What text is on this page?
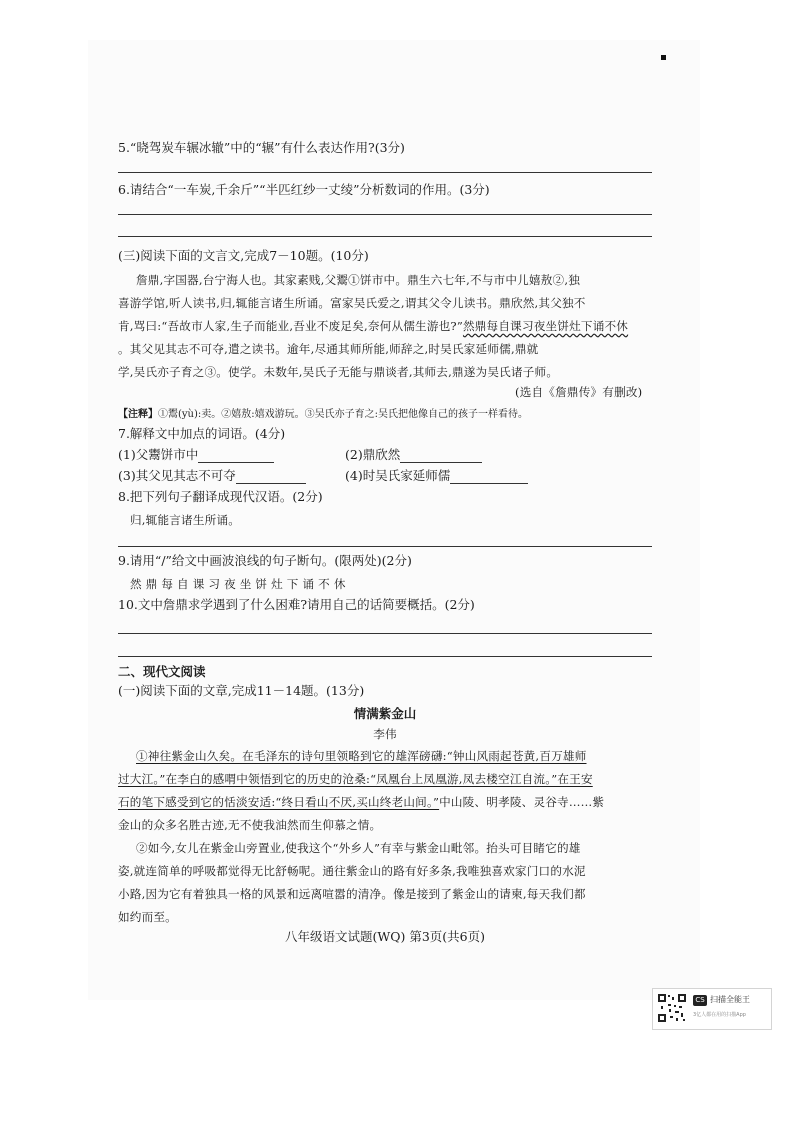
5.“晓驾炭车辗冰辙”中的“辗”有什么表达作用?(3分)
6.请结合“一车炭,千余斤”“半匹红纱一丈绫”分析数词的作用。(3分)
(三)阅读下面的文言文,完成7－10题。(10分)
詹鼎,字国器,台宁海人也。其家素贱,父鬻①饼市中。鼎生六七年,不与市中儿嬉敖②,独
喜游学馆,听人读书,归,辄能言诸生所诵。富家吴氏爱之,谓其父令儿读书。鼎欣然,其父独不
肯,骂曰:“吾故市人家,生子而能业,吾业不废足矣,奈何从儒生游也?”然鼎每自课习夜坐饼灶下诵不休
。其父见其志不可夺,遣之读书。逾年,尽通其师所能,师辞之,时吴氏家延师儒,鼎就
学,吴氏亦子育之③。使学。未数年,吴氏子无能与鼎谈者,其师去,鼎遂为吴氏诸子师。
(选自《詹鼎传》有删改)
【注释】①鬻(yù):卖。②嬉敖:嬉戏游玩。③吴氏亦子育之:吴氏把他像自己的孩子一样看待。
7.解释文中加点的词语。(4分)
(1)父鬻饼市中	(2)鼎欣然
(3)其父见其志不可夺	(4)时吴氏家延师儒
8.把下列句子翻译成现代汉语。(2分)
归,辄能言诸生所诵。
9.请用“/”给文中画波浪线的句子断句。(限两处)(2分)
然 鼎 每 自 课 习 夜 坐 饼 灶 下 诵 不 休
10.文中詹鼎求学遇到了什么困难?请用自己的话简要概括。(2分)
二、现代文阅读
(一)阅读下面的文章,完成11－14题。(13分)
情满紫金山
李伟
①神往紫金山久矣。在毛泽东的诗句里领略到它的雄浑磅礴:“钟山风雨起苍黄,百万雄师
过大江。”在李白的感喟中领悟到它的历史的沧桑:“凤凰台上凤凰游,凤去楼空江自流。”在王安
石的笔下感受到它的恬淡安适:“终日看山不厌,买山终老山间。”中山陵、明孝陵、灵谷寺……紫
金山的众多名胜古迹,无不使我油然而生仰慕之情。
②如今,女儿在紫金山旁置业,使我这个“外乡人”有幸与紫金山毗邻。抬头可目睹它的雄
姿,就连简单的呼吸都觉得无比舒畅呢。通往紫金山的路有好多条,我唯独喜欢家门口的水泥
小路,因为它有着独具一格的风景和远离喧嚣的清净。像是接到了紫金山的请柬,每天我们都
如约而至。
八年级语文试题(WQ) 第3页(共6页)
CS 扫描全能王
3亿人都在用的扫描App
